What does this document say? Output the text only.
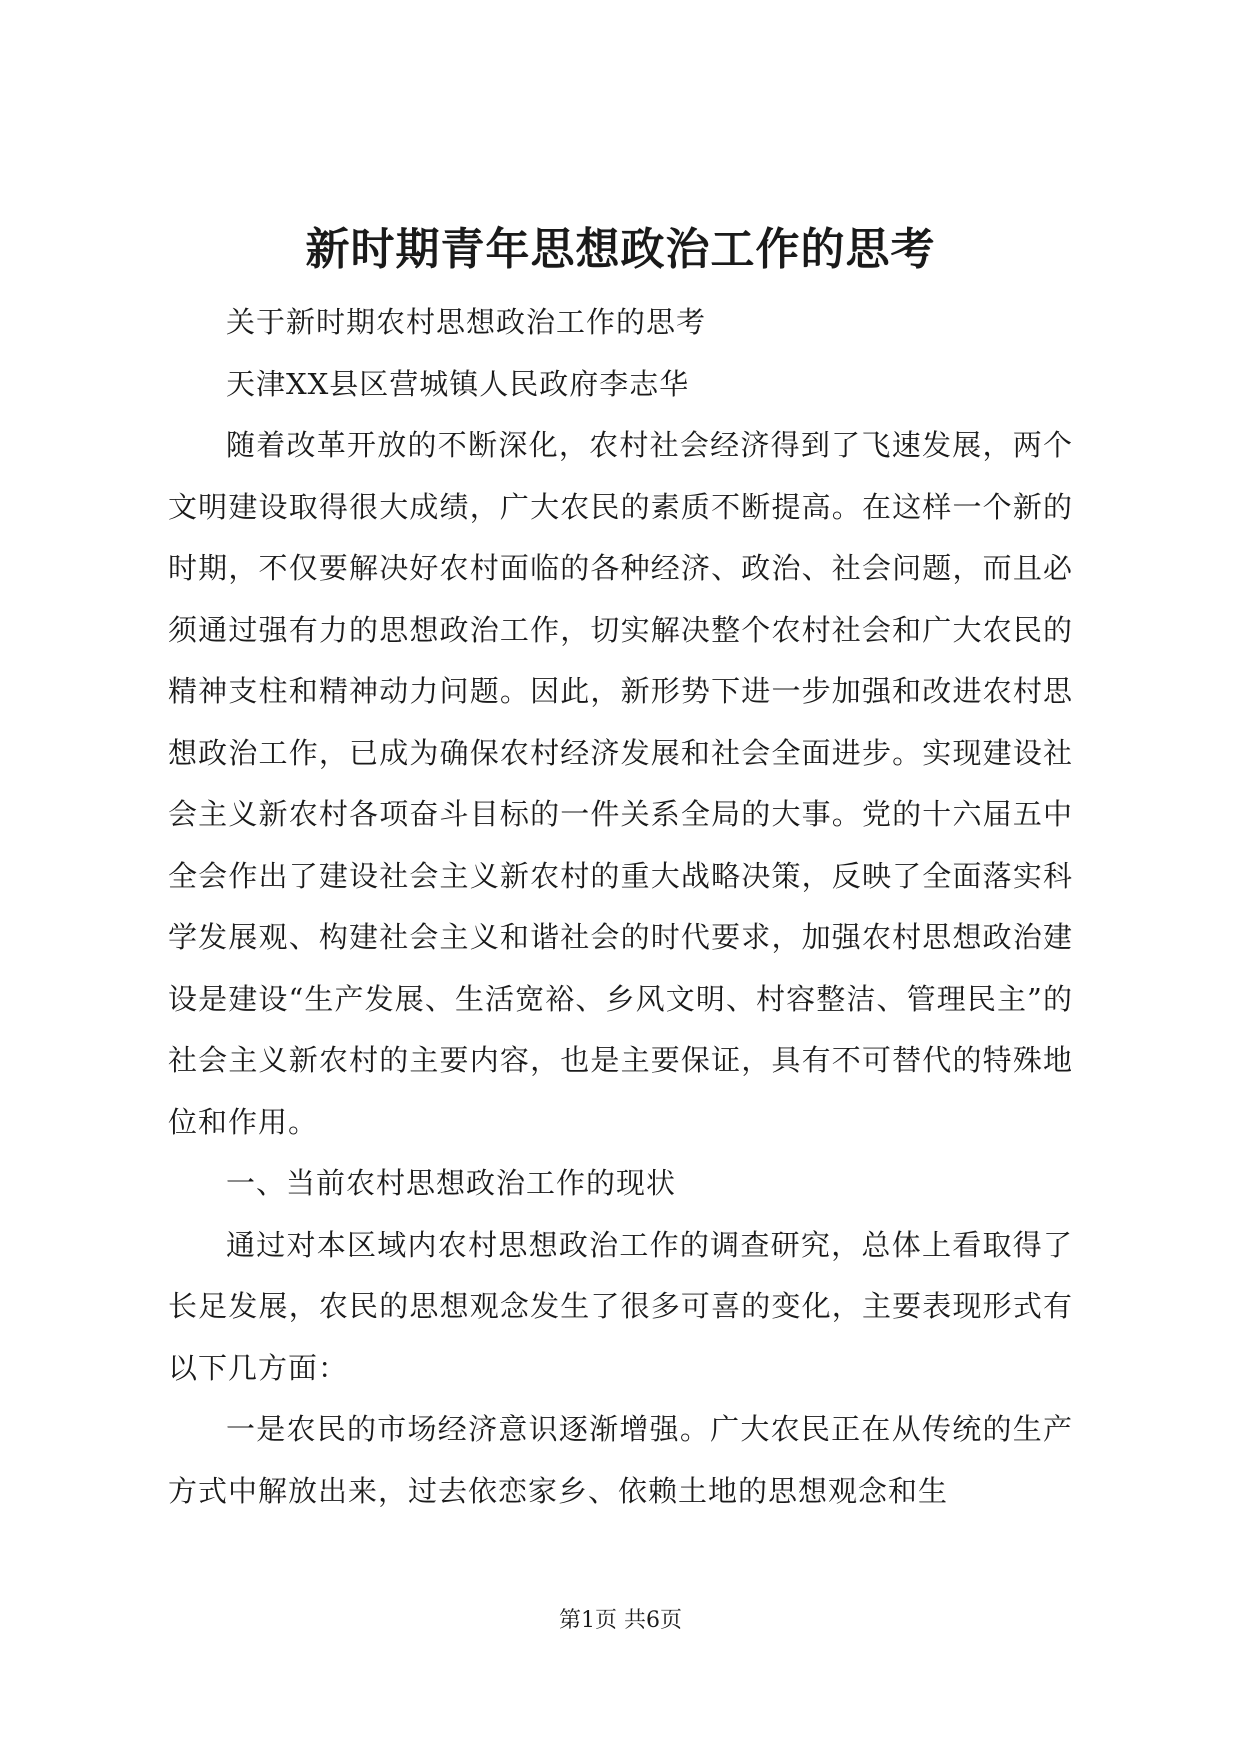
新时期青年思想政治工作的思考

关于新时期农村思想政治工作的思考

天津XX县区营城镇人民政府李志华

随着改革开放的不断深化，农村社会经济得到了飞速发展，两个文明建设取得很大成绩，广大农民的素质不断提高。在这样一个新的时期，不仅要解决好农村面临的各种经济、政治、社会问题，而且必须通过强有力的思想政治工作，切实解决整个农村社会和广大农民的精神支柱和精神动力问题。因此，新形势下进一步加强和改进农村思想政治工作，已成为确保农村经济发展和社会全面进步。实现建设社会主义新农村各项奋斗目标的一件关系全局的大事。党的十六届五中全会作出了建设社会主义新农村的重大战略决策，反映了全面落实科学发展观、构建社会主义和谐社会的时代要求，加强农村思想政治建设是建设“生产发展、生活宽裕、乡风文明、村容整洁、管理民主”的社会主义新农村的主要内容，也是主要保证，具有不可替代的特殊地位和作用。

一、当前农村思想政治工作的现状

通过对本区域内农村思想政治工作的调查研究，总体上看取得了长足发展，农民的思想观念发生了很多可喜的变化，主要表现形式有以下几方面：

一是农民的市场经济意识逐渐增强。广大农民正在从传统的生产方式中解放出来，过去依恋家乡、依赖土地的思想观念和生

第1页 共6页
